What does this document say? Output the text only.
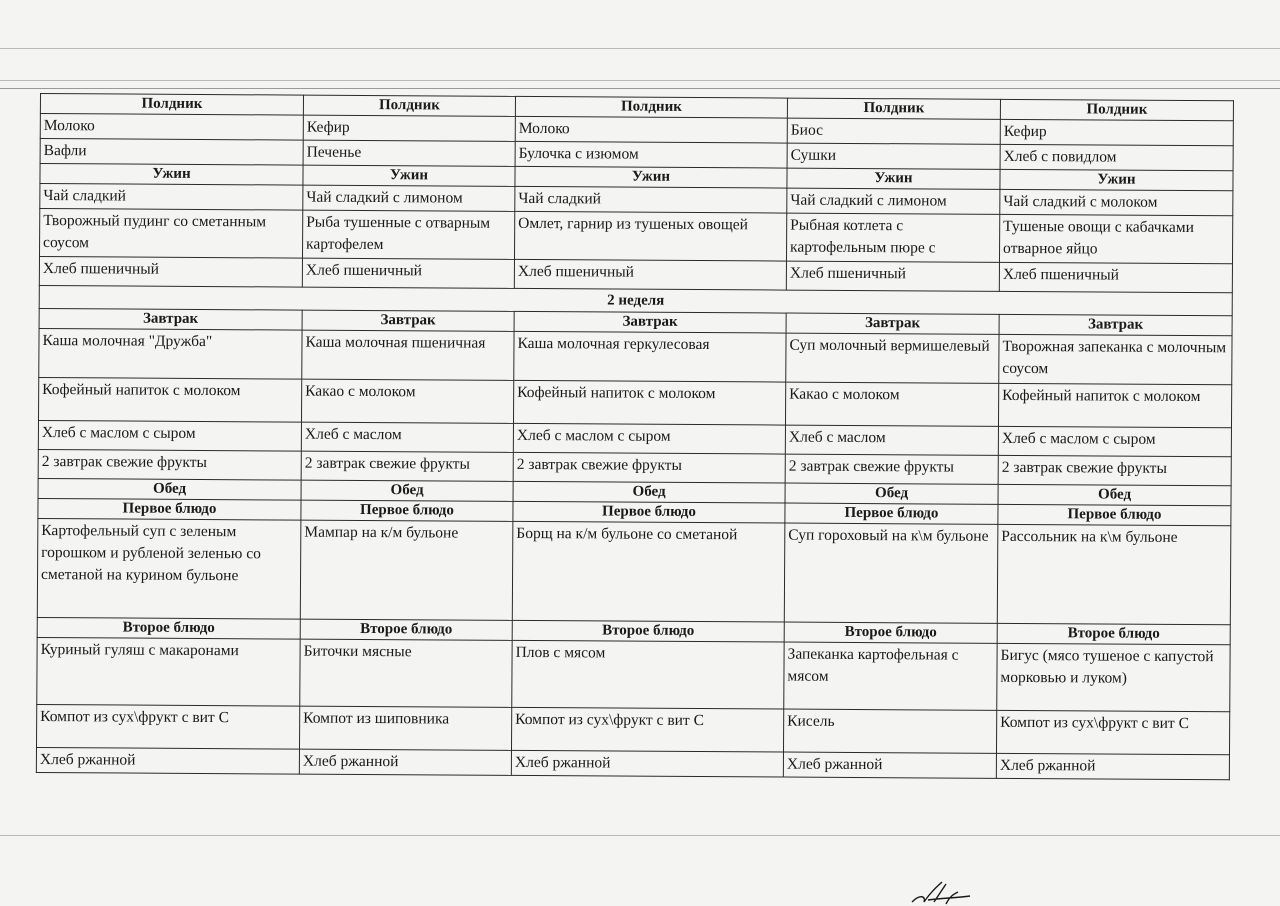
Полдник	Полдник	Полдник	Полдник	Полдник
Молоко	Кефир	Молоко	Биос	Кефир
Вафли	Печенье	Булочка с изюмом	Сушки	Хлеб с повидлом
Ужин	Ужин	Ужин	Ужин	Ужин
Чай сладкий	Чай сладкий с лимоном	Чай сладкий	Чай сладкий с лимоном	Чай сладкий с молоком
Творожный пудинг со сметанным соусом	Рыба тушенные с отварным картофелем	Омлет, гарнир из тушеных овощей	Рыбная котлета с картофельным пюре с	Тушеные овощи с кабачками отварное яйцо
Хлеб пшеничный	Хлеб пшеничный	Хлеб пшеничный	Хлеб пшеничный	Хлеб пшеничный
2 неделя				
Завтрак	Завтрак	Завтрак	Завтрак	Завтрак
Каша молочная "Дружба"	Каша молочная пшеничная	Каша молочная геркулесовая	Суп молочный вермишелевый	Творожная запеканка с молочным соусом
Кофейный напиток с молоком	Какао с молоком	Кофейный напиток с молоком	Какао с молоком	Кофейный напиток с молоком
Хлеб с маслом с сыром	Хлеб с маслом	Хлеб с маслом с сыром	Хлеб с маслом	Хлеб с маслом с сыром
2 завтрак свежие фрукты	2 завтрак свежие фрукты	2 завтрак свежие фрукты	2 завтрак свежие фрукты	2 завтрак свежие фрукты
Обед	Обед	Обед	Обед	Обед
Первое блюдо	Первое блюдо	Первое блюдо	Первое блюдо	Первое блюдо
Картофельный суп с зеленым горошком и рубленой зеленью со сметаной на курином бульоне	Мампар на к/м бульоне	Борщ на к/м бульоне со сметаной	Суп гороховый на к\м бульоне	Рассольник на к\м бульоне
Второе блюдо	Второе блюдо	Второе блюдо	Второе блюдо	Второе блюдо
Куриный гуляш с макаронами	Биточки мясные	Плов с мясом	Запеканка картофельная с мясом	Бигус (мясо тушеное с капустой морковью и луком)
Компот из сух\фрукт с вит С	Компот из шиповника	Компот из сух\фрукт с вит С	Кисель	Компот из сух\фрукт с вит С
Хлеб ржанной	Хлеб ржанной	Хлеб ржанной	Хлеб ржанной	Хлеб ржанной
